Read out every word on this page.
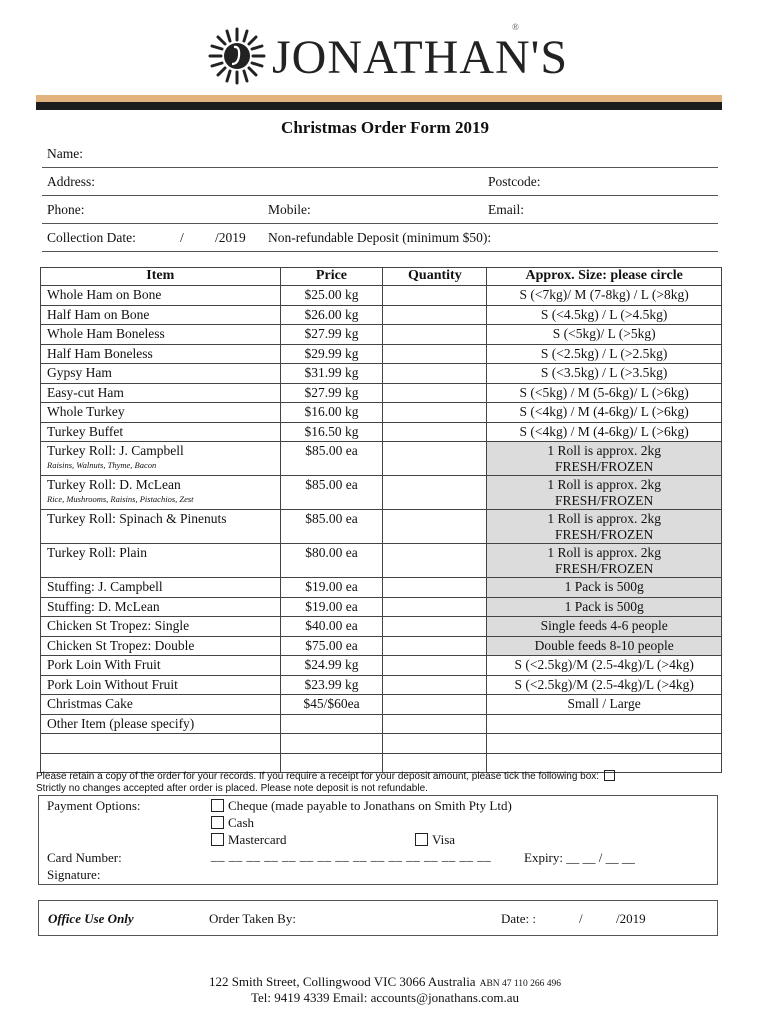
JONATHAN'S
®
Christmas Order Form 2019
Name:
Address:	Postcode:
Phone:	Mobile:	Email:
Collection Date:	/ /2019 Non-refundable Deposit (minimum $50):
Item	Price	Quantity	Approx. Size: please circle
Whole Ham on Bone	$25.00 kg		S (<7kg)/ M (7-8kg) / L (>8kg)
Half Ham on Bone	$26.00 kg		S (<4.5kg) / L (>4.5kg)
Whole Ham Boneless	$27.99 kg		S (<5kg)/ L (>5kg)
Half Ham Boneless	$29.99 kg		S (<2.5kg) / L (>2.5kg)
Gypsy Ham	$31.99 kg		S (<3.5kg) / L (>3.5kg)
Easy-cut Ham	$27.99 kg		S (<5kg) / M (5-6kg)/ L (>6kg)
Whole Turkey	$16.00 kg		S (<4kg) / M (4-6kg)/ L (>6kg)
Turkey Buffet	$16.50 kg		S (<4kg) / M (4-6kg)/ L (>6kg)
Turkey Roll: J. Campbell
Raisins, Walnuts, Thyme, Bacon	$85.00 ea		1 Roll is approx. 2kg
FRESH/FROZEN
Turkey Roll: D. McLean
Rice, Mushrooms, Raisins, Pistachios, Zest	$85.00 ea		1 Roll is approx. 2kg
FRESH/FROZEN
Turkey Roll: Spinach & Pinenuts	$85.00 ea		1 Roll is approx. 2kg
FRESH/FROZEN
Turkey Roll: Plain	$80.00 ea		1 Roll is approx. 2kg
FRESH/FROZEN
Stuffing: J. Campbell	$19.00 ea		1 Pack is 500g
Stuffing: D. McLean	$19.00 ea		1 Pack is 500g
Chicken St Tropez: Single	$40.00 ea		Single feeds 4-6 people
Chicken St Tropez: Double	$75.00 ea		Double feeds 8-10 people
Pork Loin With Fruit	$24.99 kg		S (<2.5kg)/M (2.5-4kg)/L (>4kg)
Pork Loin Without Fruit	$23.99 kg		S (<2.5kg)/M (2.5-4kg)/L (>4kg)
Christmas Cake	$45/$60ea		Small / Large
Other Item (please specify)			

Please retain a copy of the order for your records. If you require a receipt for your deposit amount, please tick the following box:
Strictly no changes accepted after order is placed. Please note deposit is not refundable.
Payment Options:	Cheque (made payable to Jonathans on Smith Pty Ltd)
Cash
Mastercard	Visa
Card Number:	__ __ __ __ __ __ __ __ __ __ __ __ __ __ __ __	Expiry: __ __ / __ __
Signature:
Office Use Only	Order Taken By:	Date: :	/	/2019
122 Smith Street, Collingwood VIC 3066 Australia ABN 47 110 266 496
Tel: 9419 4339 Email: accounts@jonathans.com.au
